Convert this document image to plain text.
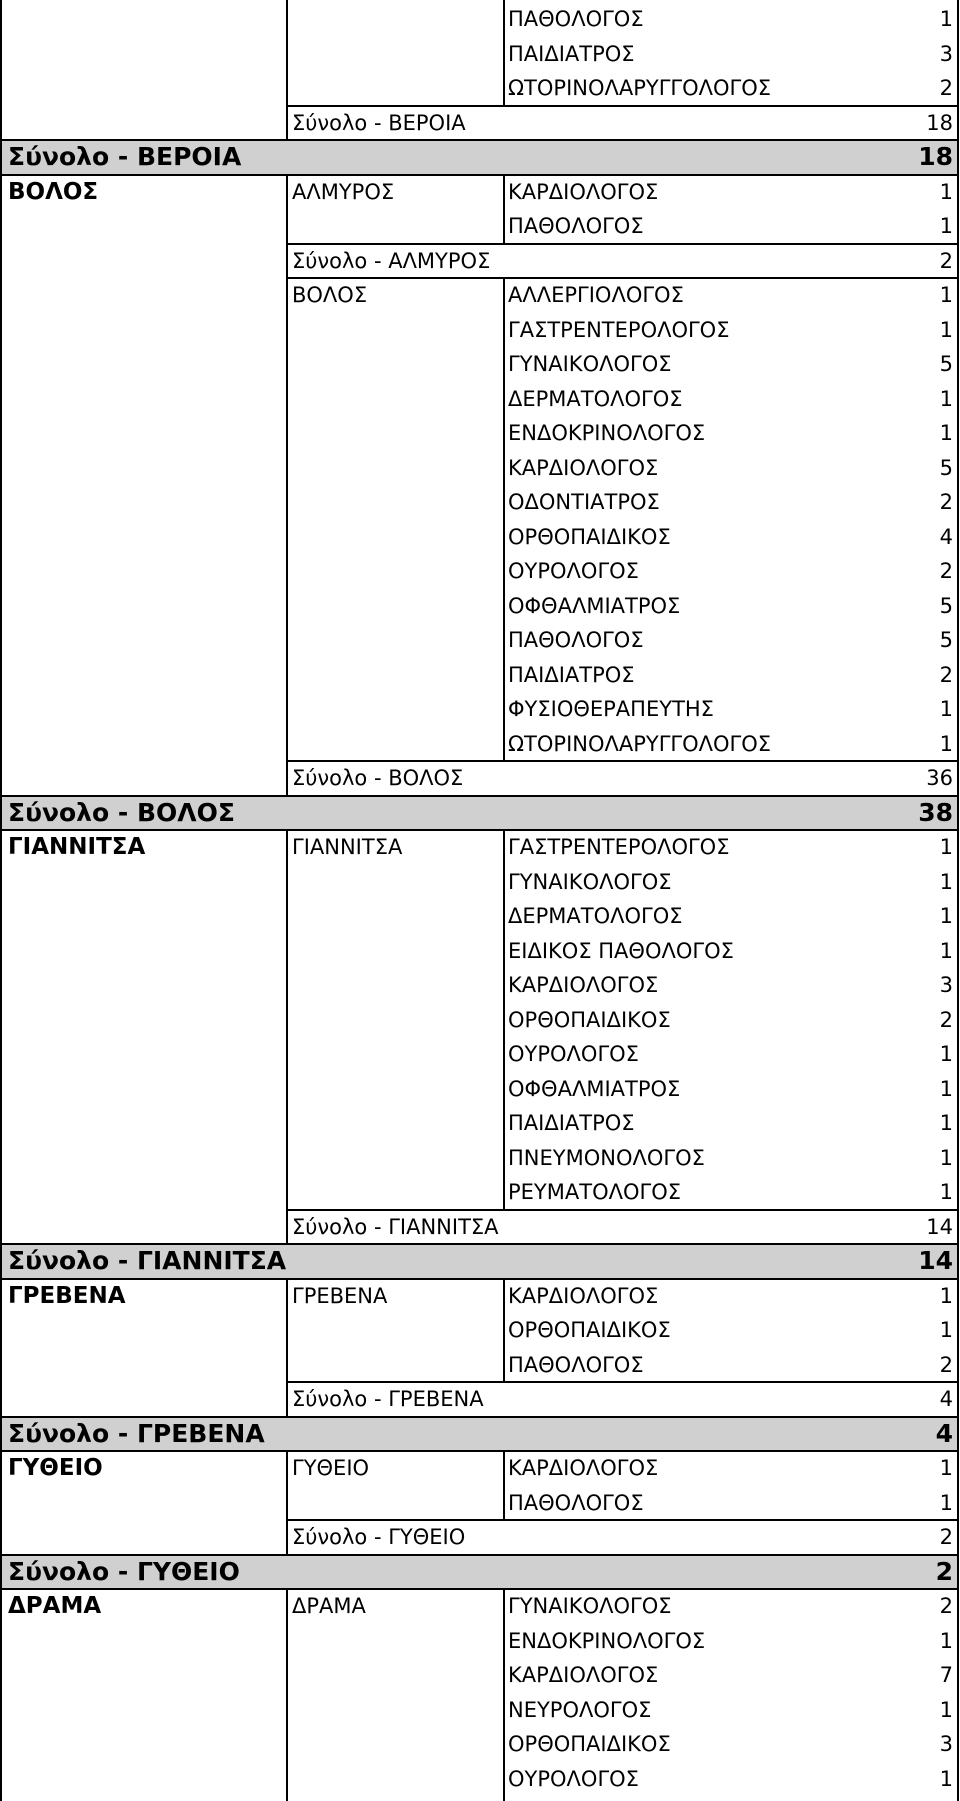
ΠΑΘΟΛΟΓΟΣ	1
ΠΑΙΔΙΑΤΡΟΣ	3
ΩΤΟΡΙΝΟΛΑΡΥΓΓΟΛΟΓΟΣ	2
Σύνολο - ΒΕΡΟΙΑ	18
Σύνολο - ΒΕΡΟΙΑ	18
ΒΟΛΟΣ	ΑΛΜΥΡΟΣ	ΚΑΡΔΙΟΛΟΓΟΣ	1
ΠΑΘΟΛΟΓΟΣ	1
Σύνολο - ΑΛΜΥΡΟΣ	2
ΒΟΛΟΣ	ΑΛΛΕΡΓΙΟΛΟΓΟΣ	1
ΓΑΣΤΡΕΝΤΕΡΟΛΟΓΟΣ	1
ΓΥΝΑΙΚΟΛΟΓΟΣ	5
ΔΕΡΜΑΤΟΛΟΓΟΣ	1
ΕΝΔΟΚΡΙΝΟΛΟΓΟΣ	1
ΚΑΡΔΙΟΛΟΓΟΣ	5
ΟΔΟΝΤΙΑΤΡΟΣ	2
ΟΡΘΟΠΑΙΔΙΚΟΣ	4
ΟΥΡΟΛΟΓΟΣ	2
ΟΦΘΑΛΜΙΑΤΡΟΣ	5
ΠΑΘΟΛΟΓΟΣ	5
ΠΑΙΔΙΑΤΡΟΣ	2
ΦΥΣΙΟΘΕΡΑΠΕΥΤΗΣ	1
ΩΤΟΡΙΝΟΛΑΡΥΓΓΟΛΟΓΟΣ	1
Σύνολο - ΒΟΛΟΣ	36
Σύνολο - ΒΟΛΟΣ	38
ΓΙΑΝΝΙΤΣΑ	ΓΙΑΝΝΙΤΣΑ	ΓΑΣΤΡΕΝΤΕΡΟΛΟΓΟΣ	1
ΓΥΝΑΙΚΟΛΟΓΟΣ	1
ΔΕΡΜΑΤΟΛΟΓΟΣ	1
ΕΙΔΙΚΟΣ ΠΑΘΟΛΟΓΟΣ	1
ΚΑΡΔΙΟΛΟΓΟΣ	3
ΟΡΘΟΠΑΙΔΙΚΟΣ	2
ΟΥΡΟΛΟΓΟΣ	1
ΟΦΘΑΛΜΙΑΤΡΟΣ	1
ΠΑΙΔΙΑΤΡΟΣ	1
ΠΝΕΥΜΟΝΟΛΟΓΟΣ	1
ΡΕΥΜΑΤΟΛΟΓΟΣ	1
Σύνολο - ΓΙΑΝΝΙΤΣΑ	14
Σύνολο - ΓΙΑΝΝΙΤΣΑ	14
ΓΡΕΒΕΝΑ	ΓΡΕΒΕΝΑ	ΚΑΡΔΙΟΛΟΓΟΣ	1
ΟΡΘΟΠΑΙΔΙΚΟΣ	1
ΠΑΘΟΛΟΓΟΣ	2
Σύνολο - ΓΡΕΒΕΝΑ	4
Σύνολο - ΓΡΕΒΕΝΑ	4
ΓΥΘΕΙΟ	ΓΥΘΕΙΟ	ΚΑΡΔΙΟΛΟΓΟΣ	1
ΠΑΘΟΛΟΓΟΣ	1
Σύνολο - ΓΥΘΕΙΟ	2
Σύνολο - ΓΥΘΕΙΟ	2
ΔΡΑΜΑ	ΔΡΑΜΑ	ΓΥΝΑΙΚΟΛΟΓΟΣ	2
ΕΝΔΟΚΡΙΝΟΛΟΓΟΣ	1
ΚΑΡΔΙΟΛΟΓΟΣ	7
ΝΕΥΡΟΛΟΓΟΣ	1
ΟΡΘΟΠΑΙΔΙΚΟΣ	3
ΟΥΡΟΛΟΓΟΣ	1
